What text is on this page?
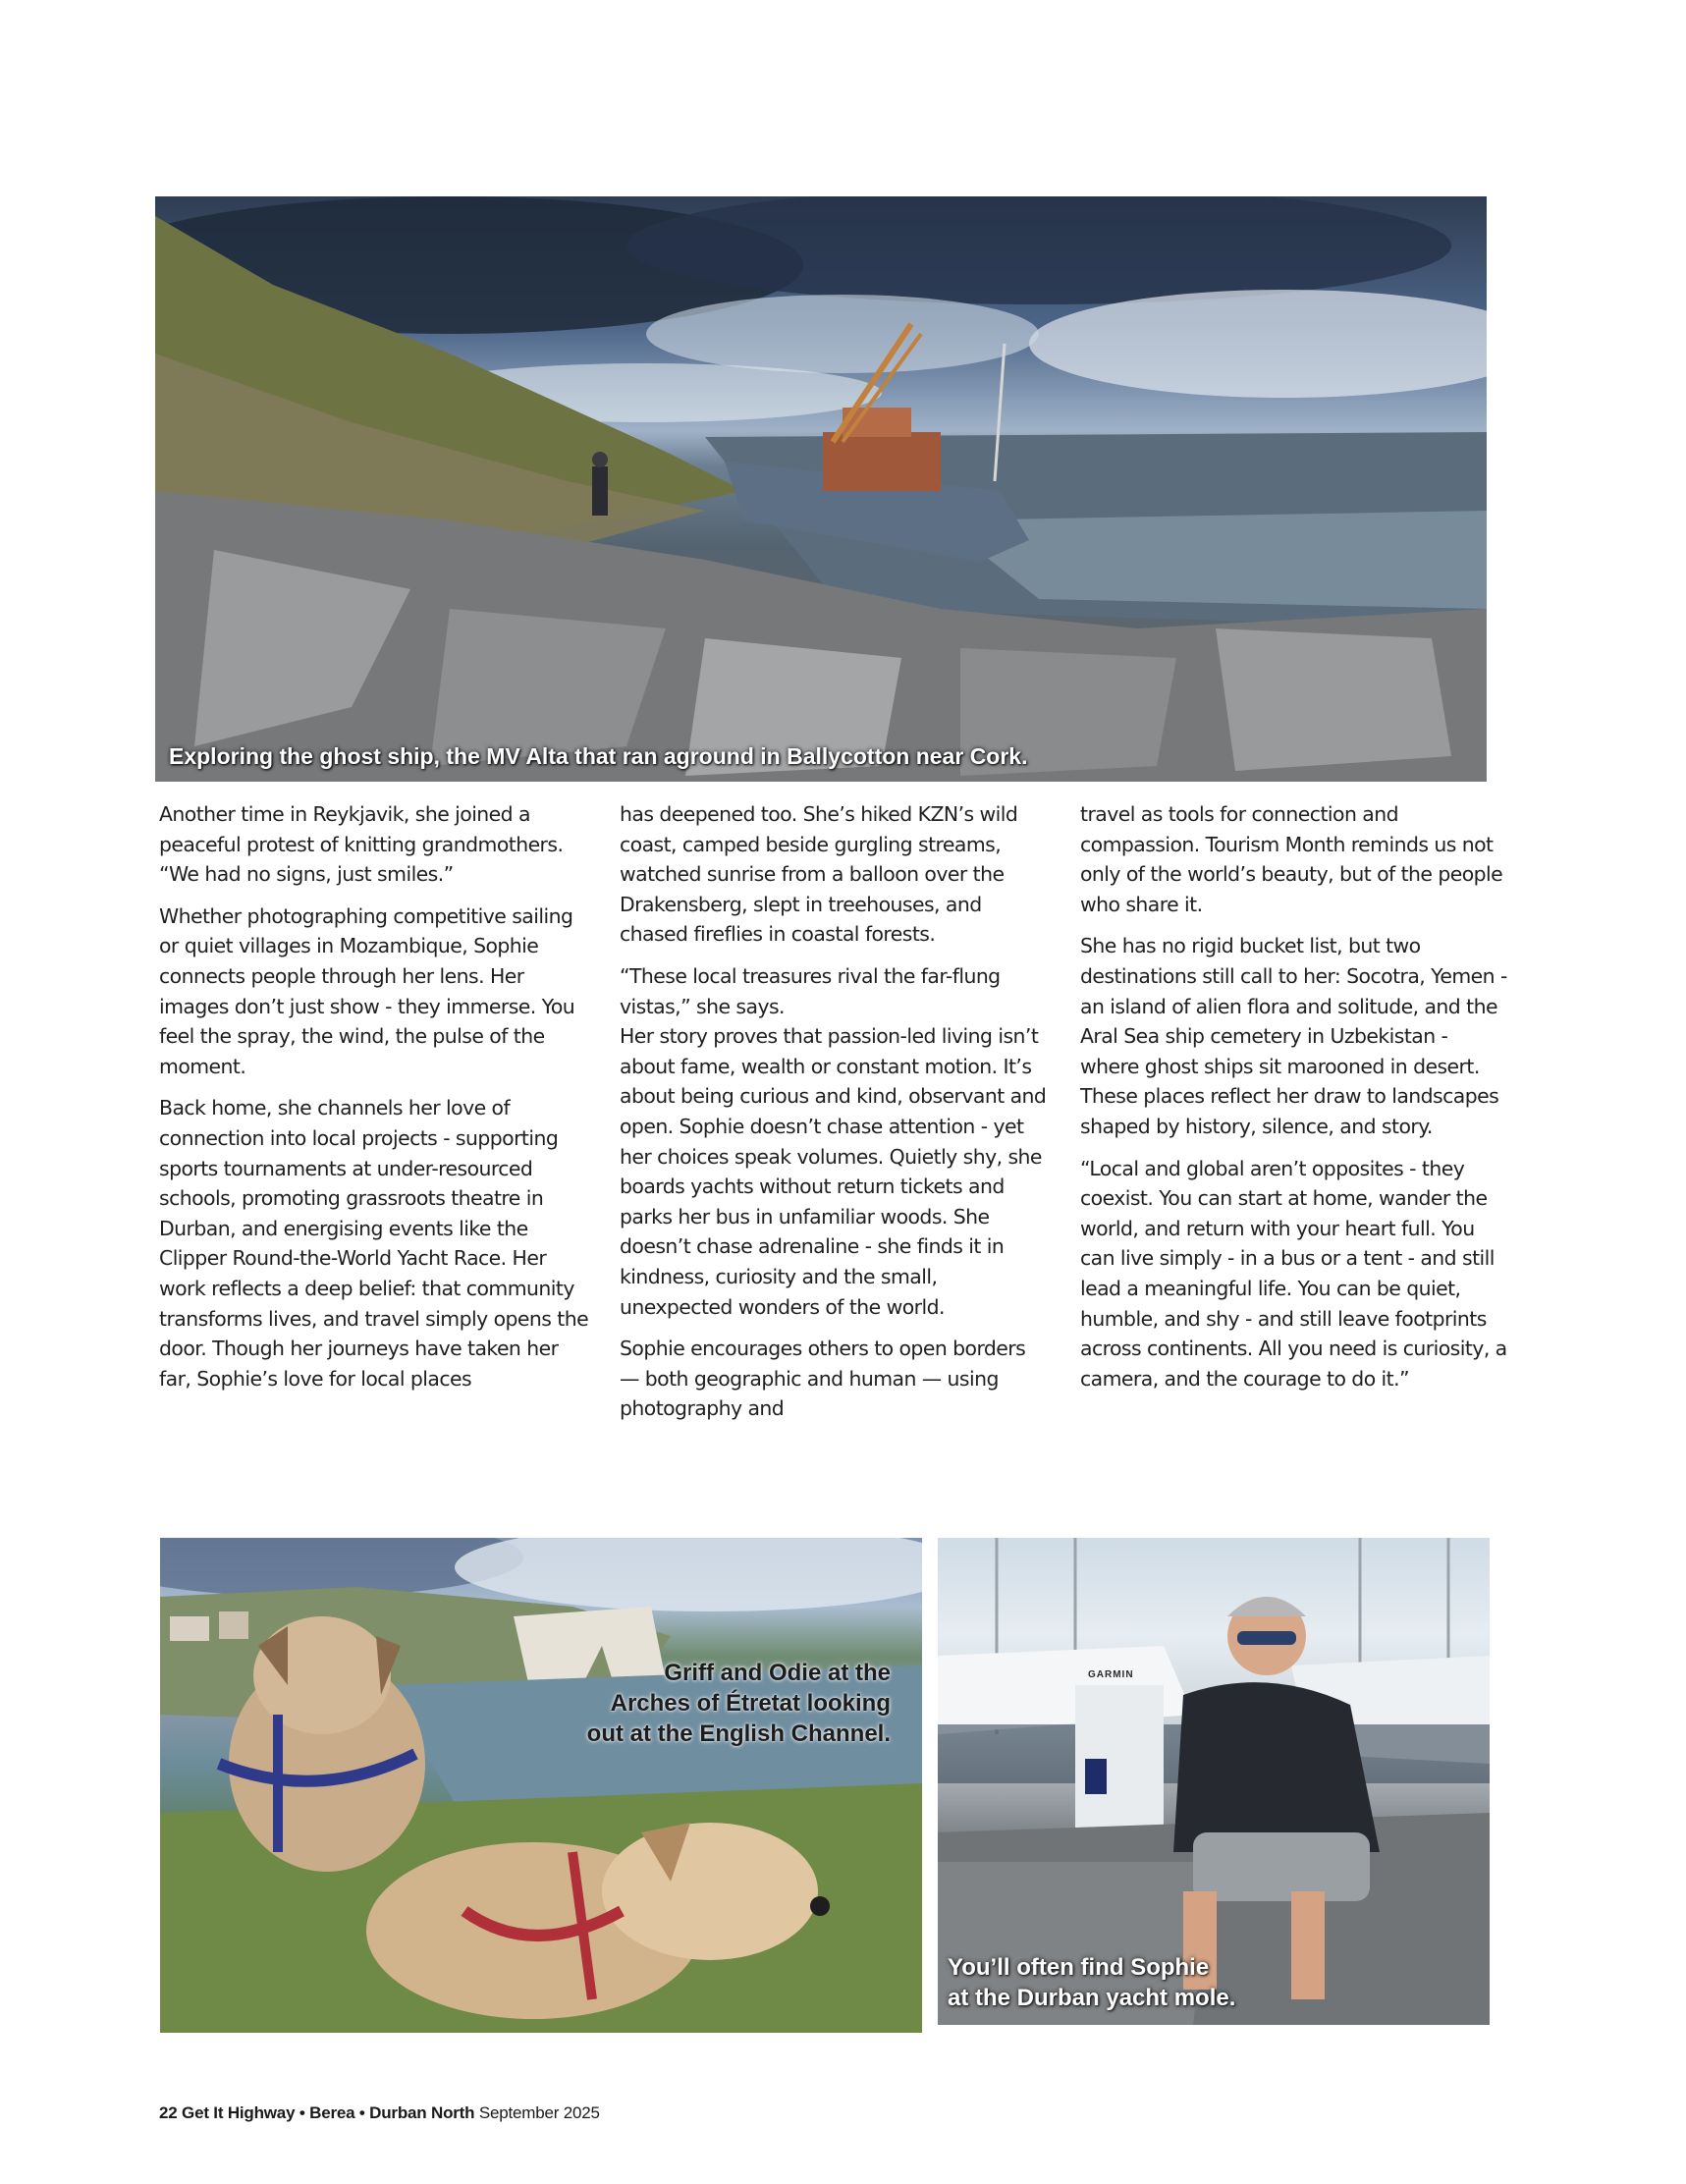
Exploring the ghost ship, the MV Alta that ran aground in Ballycotton near Cork.

Another time in Reykjavik, she joined a peaceful protest of knitting grandmothers. “We had no signs, just smiles.”

Whether photographing competitive sailing or quiet villages in Mozambique, Sophie connects people through her lens. Her images don’t just show - they immerse. You feel the spray, the wind, the pulse of the moment.

Back home, she channels her love of connection into local projects - supporting sports tournaments at under-resourced schools, promoting grassroots theatre in Durban, and energising events like the Clipper Round-the-World Yacht Race. Her work reflects a deep belief: that community transforms lives, and travel simply opens the door. Though her journeys have taken her far, Sophie’s love for local places

has deepened too. She’s hiked KZN’s wild coast, camped beside gurgling streams, watched sunrise from a balloon over the Drakensberg, slept in treehouses, and chased fireflies in coastal forests.

“These local treasures rival the far-flung vistas,” she says.

Her story proves that passion-led living isn’t about fame, wealth or constant motion. It’s about being curious and kind, observant and open. Sophie doesn’t chase attention - yet her choices speak volumes. Quietly shy, she boards yachts without return tickets and parks her bus in unfamiliar woods. She doesn’t chase adrenaline - she finds it in kindness, curiosity and the small, unexpected wonders of the world.

Sophie encourages others to open borders — both geographic and human — using photography and

travel as tools for connection and compassion. Tourism Month reminds us not only of the world’s beauty, but of the people who share it.

She has no rigid bucket list, but two destinations still call to her: Socotra, Yemen - an island of alien flora and solitude, and the Aral Sea ship cemetery in Uzbekistan - where ghost ships sit marooned in desert. These places reflect her draw to landscapes shaped by history, silence, and story.

“Local and global aren’t opposites - they coexist. You can start at home, wander the world, and return with your heart full. You can live simply - in a bus or a tent - and still lead a meaningful life. You can be quiet, humble, and shy - and still leave footprints across continents. All you need is curiosity, a camera, and the courage to do it.”

Griff and Odie at the
Arches of Étretat looking
out at the English Channel.
GARMIN
You’ll often find Sophie
at the Durban yacht mole.
22 Get It Highway • Berea • Durban North September 2025
